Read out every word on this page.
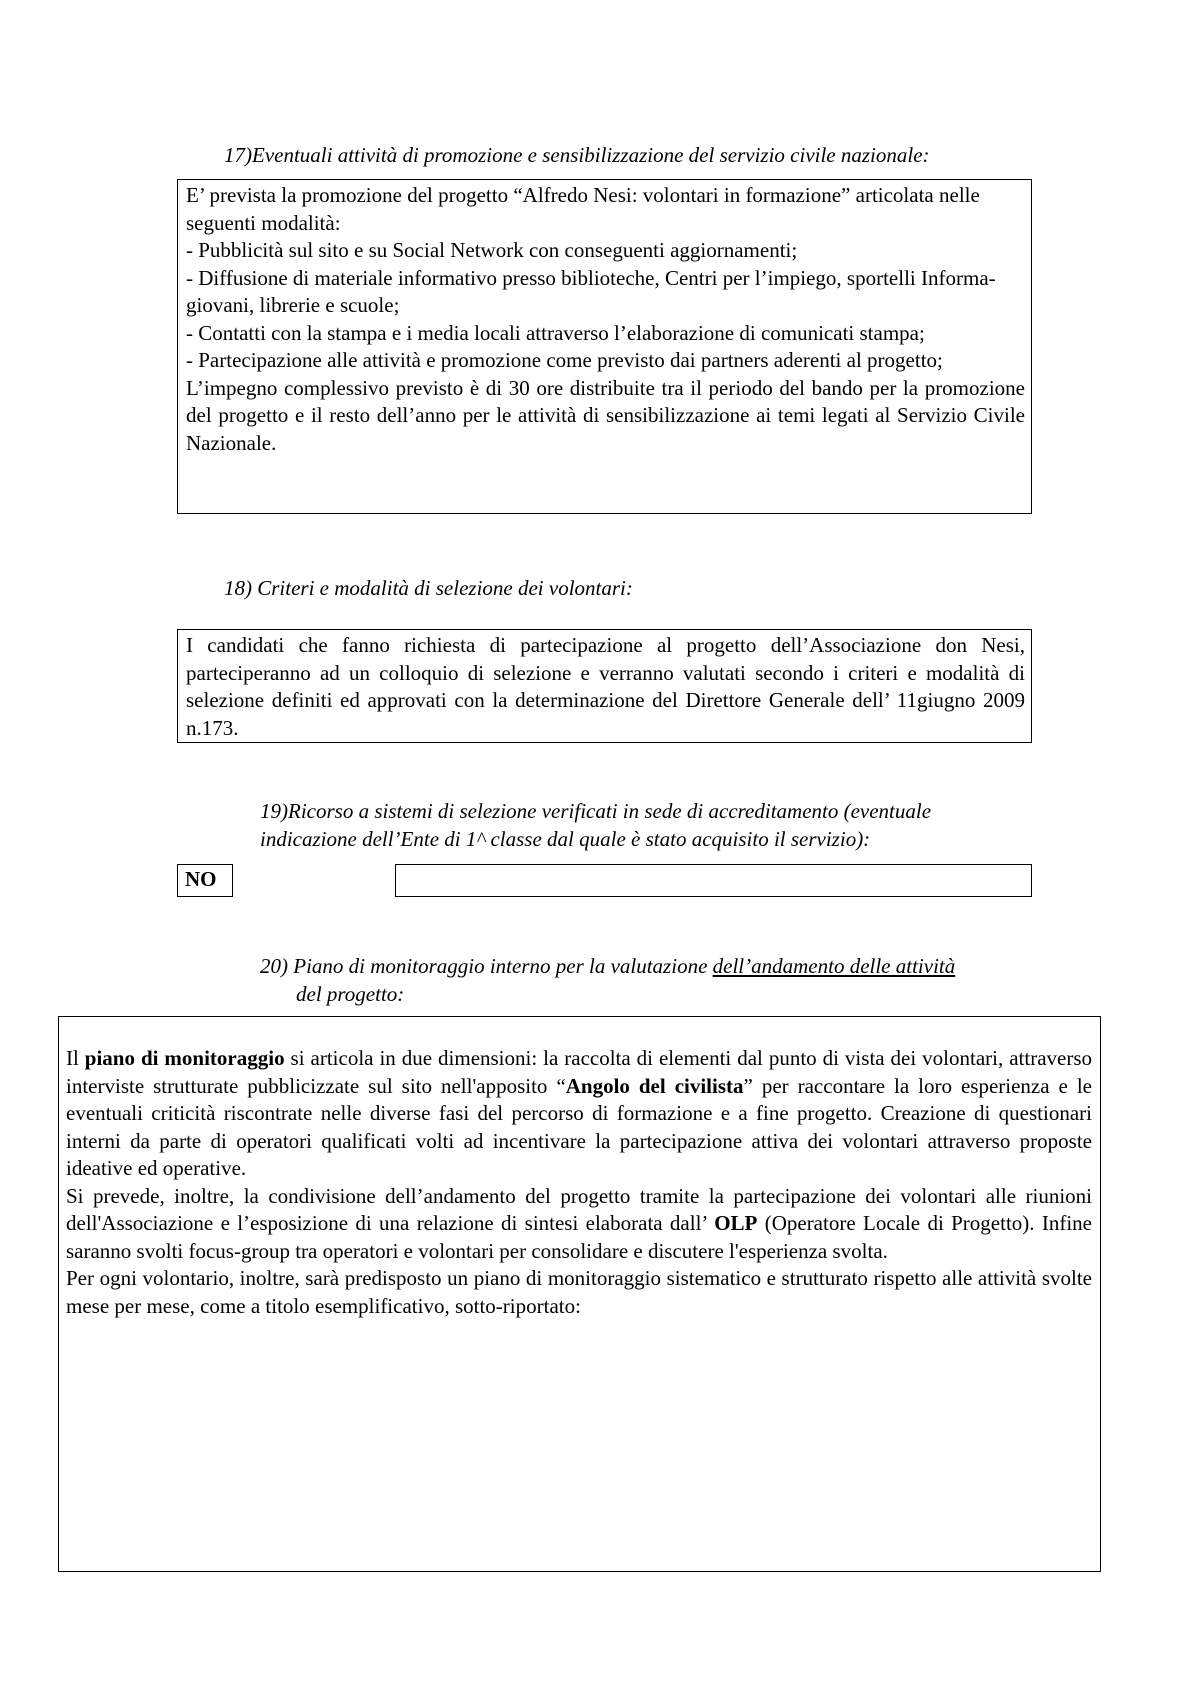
17)Eventuali attività di promozione e sensibilizzazione del servizio civile nazionale:

E’ prevista la promozione del progetto “Alfredo Nesi: volontari in formazione” articolata nelle seguenti modalità:

- Pubblicità sul sito e su Social Network con conseguenti aggiornamenti;

- Diffusione di materiale informativo presso biblioteche, Centri per l’impiego, sportelli Informa-giovani, librerie e scuole;

- Contatti con la stampa e i media locali attraverso l’elaborazione di comunicati stampa;

- Partecipazione alle attività e promozione come previsto dai partners aderenti al progetto;

L’impegno complessivo previsto è di 30 ore distribuite tra il periodo del bando per la promozione del progetto e il resto dell’anno per le attività di sensibilizzazione ai temi legati al Servizio Civile Nazionale.

18) Criteri e modalità di selezione dei volontari:

I candidati che fanno richiesta di partecipazione al progetto dell’Associazione don Nesi, parteciperanno ad un colloquio di selezione e verranno valutati secondo i criteri e modalità di selezione definiti ed approvati con la determinazione del Direttore Generale dell’ 11giugno 2009 n.173.

19)Ricorso a sistemi di selezione verificati in sede di accreditamento (eventuale
indicazione dell’Ente di 1^ classe dal quale è stato acquisito il servizio):
NO
20) Piano di monitoraggio interno per la valutazione dell’andamento delle attività
del progetto:

Il piano di monitoraggio si articola in due dimensioni: la raccolta di elementi dal punto di vista dei volontari, attraverso interviste strutturate pubblicizzate sul sito nell'apposito “Angolo del civilista” per raccontare la loro esperienza e le eventuali criticità riscontrate nelle diverse fasi del percorso di formazione e a fine progetto. Creazione di questionari interni da parte di operatori qualificati volti ad incentivare la partecipazione attiva dei volontari attraverso proposte ideative ed operative.

Si prevede, inoltre, la condivisione dell’andamento del progetto tramite la partecipazione dei volontari alle riunioni dell'Associazione e l’esposizione di una relazione di sintesi elaborata dall’ OLP (Operatore Locale di Progetto). Infine saranno svolti focus-group tra operatori e volontari per consolidare e discutere l'esperienza svolta.

Per ogni volontario, inoltre, sarà predisposto un piano di monitoraggio sistematico e strutturato rispetto alle attività svolte mese per mese, come a titolo esemplificativo, sotto-riportato:
